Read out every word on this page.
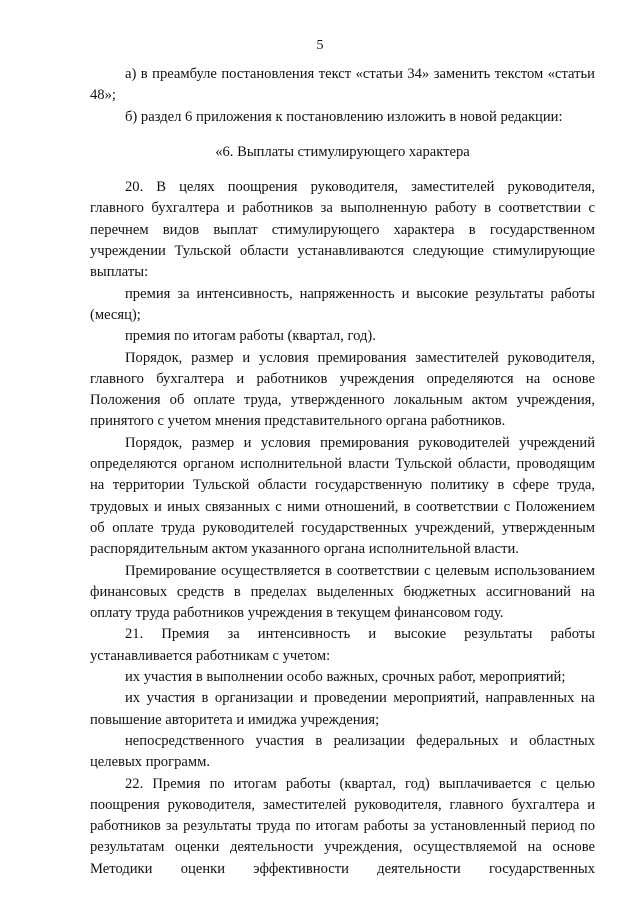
5

а) в преамбуле постановления текст «статьи 34» заменить текстом «статьи 48»;

б) раздел 6 приложения к постановлению изложить в новой редакции:

«6. Выплаты стимулирующего характера

20. В целях поощрения руководителя, заместителей руководителя, главного бухгалтера и работников за выполненную работу в соответствии с перечнем видов выплат стимулирующего характера в государственном учреждении Тульской области устанавливаются следующие стимулирующие выплаты:

премия за интенсивность, напряженность и высокие результаты работы (месяц);

премия по итогам работы (квартал, год).

Порядок, размер и условия премирования заместителей руководителя, главного бухгалтера и работников учреждения определяются на основе Положения об оплате труда, утвержденного локальным актом учреждения, принятого с учетом мнения представительного органа работников.

Порядок, размер и условия премирования руководителей учреждений определяются органом исполнительной власти Тульской области, проводящим на территории Тульской области государственную политику в сфере труда, трудовых и иных связанных с ними отношений, в соответствии с Положением об оплате труда руководителей государственных учреждений, утвержденным распорядительным актом указанного органа исполнительной власти.

Премирование осуществляется в соответствии с целевым использованием финансовых средств в пределах выделенных бюджетных ассигнований на оплату труда работников учреждения в текущем финансовом году.

21. Премия за интенсивность и высокие результаты работы устанавливается работникам с учетом:

их участия в выполнении особо важных, срочных работ, мероприятий;

их участия в организации и проведении мероприятий, направленных на повышение авторитета и имиджа учреждения;

непосредственного участия в реализации федеральных и областных целевых программ.

22. Премия по итогам работы (квартал, год) выплачивается с целью поощрения руководителя, заместителей руководителя, главного бухгалтера и работников за результаты труда по итогам работы за установленный период по результатам оценки деятельности учреждения, осуществляемой на основе Методики оценки эффективности деятельности государственных
